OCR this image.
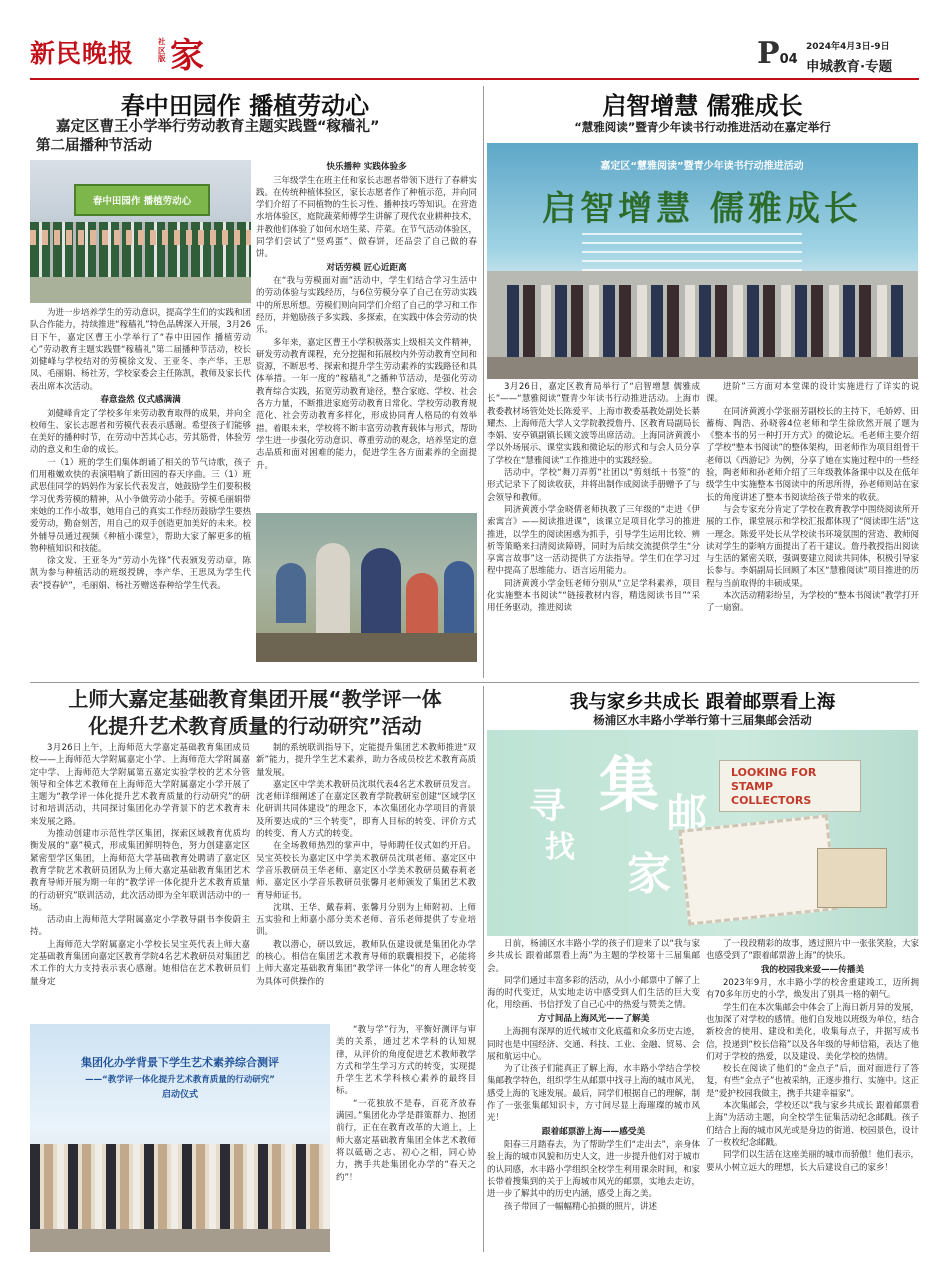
新民晚报	社区版 家	2024年4月3日-9日
P04 申城教育·专题
春中田园作 播植劳动心
嘉定区曹王小学举行劳动教育主题实践暨“稼穑礼”
第二届播种节活动
春中田园作 播植劳动心

为进一步培养学生的劳动意识，提高学生们的实践和团队合作能力，持续推进“稼穑礼”特色品牌深入开展，3月26日下午，嘉定区曹王小学举行了“春中田园作 播植劳动心”劳动教育主题实践暨“稼穑礼”第二届播种节活动，校长刘健峰与学校结对的劳模徐文发、王亚冬、李产华、王思凤、毛丽娟、杨社芳，学校家委会主任陈凯，教师及家长代表出席本次活动。

春意盎然 仪式感满满

刘健峰肯定了学校多年来劳动教育取得的成果，并向全校师生、家长志愿者和劳模代表表示感谢。希望孩子们能够在美好的播种时节，在劳动中苦其心志，劳其筋骨，体验劳动的意义和生命的成长。

一（1）班的学生们集体朗诵了相关的节气诗歌，孩子们用稚嫩欢快的表演唱响了新田园的春天序曲。三（1）班武思佳同学的妈妈作为家长代表发言，她鼓励学生们要积极学习优秀劳模的精神，从小争做劳动小能手。劳模毛丽娟带来她的工作小故事，她用自己的真实工作经历鼓励学生要热爱劳动，勤奋刻苦，用自己的双手创造更加美好的未来。校外辅导员通过视频《种植小课堂》，帮助大家了解更多的植物种植知识和技能。

徐文发、王亚冬为“劳动小先锋”代表颁发劳动章，陈凯为参与种植活动的班级授牌，李产华、王思凤为学生代表“授春铲”，毛丽娟、杨社芳赠送春种给学生代表。

快乐播种 实践体验多

三年级学生在班主任和家长志愿者带领下进行了春耕实践。在传统种植体验区，家长志愿者作了种植示范，并向同学们介绍了不同植物的生长习性、播种技巧等知识。在营造水培体验区，庭院蔬菜师傅学生讲解了现代农业耕种技术，并教他们体验了如何水培生菜、芹菜。在节气活动体验区，同学们尝试了“竖鸡蛋”、做春饼，还品尝了自己做的春饼。

对话劳模 匠心近距离

在“我与劳模面对面”活动中，学生们结合学习生活中的劳动体验与实践经历，与6位劳模分享了自己在劳动实践中的所思所想。劳模们则向同学们介绍了自己的学习和工作经历，并勉励孩子多实践、多探索，在实践中体会劳动的快乐。

多年来，嘉定区曹王小学积极落实上级相关文件精神，研发劳动教育课程，充分挖掘和拓展校内外劳动教育空间和资源，不断思考、探索和提升学生劳动素养的实践路径和具体举措。一年一度的“稼穑礼”之播种节活动，是强化劳动教育综合实践，拓宽劳动教育途径，整合家庭、学校、社会各方力量，不断推进家庭劳动教育日常化、学校劳动教育规范化、社会劳动教育多样化，形成协同育人格局的有效举措。着眼未来，学校将不断丰富劳动教育载体与形式，帮助学生进一步强化劳动意识、尊重劳动的观念，培养坚定的意志品质和面对困难的能力，促进学生各方面素养的全面提升。

启智增慧 儒雅成长
“慧雅阅读”暨青少年读书行动推进活动在嘉定举行
嘉定区“慧雅阅读”暨青少年读书行动推进活动
启智增慧 儒雅成长

3月26日，嘉定区教育局举行了“启智增慧 儒雅成长”——“慧雅阅读”暨青少年读书行动推进活动。上海市教委教材场管处处长陈爱平、上海市教委基教处副处长綦耀杰、上海师范大学人文学院教授詹丹、区教育局副局长李娟、安亭镇副镇长顾文波等出席活动。上海同济黄渡小学以外场展示、课堂实践和微论坛的形式和与会人员分享了学校在“慧雅阅读”工作推进中的实践经验。

活动中，学校“舞刀弄剪”社团以“剪刻纸＋书签”的形式记录下了阅读收获，并将出制作成阅读手册赠予了与会领导和教师。

同济黄渡小学金晓倩老师执教了三年级的“走进《伊索寓言》——阅读推进课”，该课立足项目化学习的推进推进，以学生的阅读困惑为抓手，引导学生运用比较、辨析等策略来扫清阅读障碍，同时为后续交流提供学生“分享寓言故事”这一活动提供了方法指导。学生们在学习过程中提高了思维能力、语言运用能力。

同济黄渡小学金钰老师分别从“立足学科素养，项目化实施整本书阅读”“链接教材内容，精选阅读书目”“采用任务驱动，推进阅读

进阶”三方面对本堂课的设计实施进行了详实的说课。

在同济黄渡小学张丽芳副校长的主持下，毛娇婷、田蓄梅、陶浩、孙晓蓉4位老师和学生徐欣然开展了题为《整本书的另一种打开方式》的微论坛。毛老师主要介绍了学校“整本书阅读”的整体架构，田老师作为项目组骨干老师以《西游记》为例，分享了她在实施过程中的一些经验，陶老师和孙老师介绍了三年级教体备课中以及在低年级学生中实施整本书阅读中的所思所得，孙老师则站在家长的角度讲述了整本书阅读给孩子带来的收获。

与会专家充分肯定了学校在教育教学中围绕阅读所开展的工作，课堂展示和学校汇报都体现了“阅读即生活”这一理念。陈爱平处长从学校读书环境氛围的营造、教师阅读对学生的影响方面提出了若干建议。詹丹教授指出阅读与生活的紧密关联，强调要建立阅读共同体，积极引导家长参与。李娟副局长回顾了本区“慧雅阅读”项目推进的历程与当前取得的丰硕成果。

本次活动精彩纷呈，为学校的“整本书阅读”教学打开了一扇窗。

上师大嘉定基础教育集团开展“教学评一体
化提升艺术教育质量的行动研究”活动

3月26日上午，上海师范大学嘉定基础教育集团成员校——上海师范大学附属嘉定小学、上海师范大学附属嘉定中学、上海师范大学附属第五嘉定实验学校的艺术分管领导和全体艺术教师在上海师范大学附属嘉定小学开展了主题为“教学评一体化提升艺术教育质量的行动研究”的研讨和培训活动，共同探讨集团化办学背景下的艺术教育未来发展之路。

为推动创建市示范性学区集团，探索区域教育优质均衡发展的“嘉”模式，形成集团鲜明特色，努力创建嘉定区紧密型学区集团，上海师范大学基础教育处聘请了嘉定区教育学院艺术教研员团队为上师大嘉定基础教育集团艺术教育导师开展为期一年的“教学评一体化提升艺术教育质量的行动研究”联训活动，此次活动即为全年联训活动中的一场。

活动由上海师范大学附属嘉定小学教导副书李俊蔚主持。

上海师范大学附属嘉定小学校长吴宝英代表上师大嘉定基础教育集团向嘉定区教育学院4名艺术教研员对集团艺术工作的大力支持表示衷心感谢。她相信在艺术教研员们量身定

制的系统联训指导下，定能提升集团艺术教师推进“双新”能力，提升学生艺术素养，助力各成员校艺术教育高质量发展。

嘉定区中学美术教研员沈琪代表4名艺术教研员发言。沈老师详细阐述了在嘉定区教育学院教研室创建“区域学区化研训共同体建设”的理念下，本次集团化办学项目的背景及所要达成的“三个转变”，即育人目标的转变、评价方式的转变、育人方式的转变。

在全场教师热烈的掌声中，导师聘任仪式如约开启。吴宝英校长为嘉定区中学美术教研员沈琪老师、嘉定区中学音乐教研员王华老师、嘉定区小学美术教研员戴春莉老师、嘉定区小学音乐教研员张馨月老师颁发了集团艺术教育导师证书。

沈琪、王华、戴春莉、张馨月分别为上师附初、上师五实验和上师嘉小部分美术老师、音乐老师提供了专业培训。

教以潜心，研以致远，教师队伍建设就是集团化办学的核心。相信在集团艺术教育导师的联囊相授下，必能将上师大嘉定基础教育集团“教学评一体化”的育人理念转变为具体可供操作的

集团化办学背景下学生艺术素养综合测评
——“教学评一体化提升艺术教育质量的行动研究”
启动仪式

“教与学”行为，平衡好测评与审美的关系，通过艺术学科的认知规律，从评价的角度促进艺术教师教学方式和学生学习方式的转变，实现提升学生艺术学科核心素养的最终目标。

“一花独放不是春，百花齐放春满园。”集团化办学是群策群力、抱团前行，正在在教育改革的大道上，上师大嘉定基础教育集团全体艺术教师将以砥砺之志、初心之相，同心协力，携手共赴集团化办学的“春天之约”！

我与家乡共成长 跟着邮票看上海
杨浦区水丰路小学举行第十三届集邮会活动
寻
找
集 邮
家
LOOKING FOR STAMP COLLECTORS

日前，杨浦区水丰路小学的孩子们迎来了以“我与家乡共成长 跟着邮票看上海”为主题的学校第十三届集邮会。

同学们通过丰富多彩的活动，从小小邮票中了解了上海的时代变迁，从实地走访中感受到人们生活的巨大变化，用绘画、书信抒发了自己心中的热爱与赞美之情。

方寸间品上海风光——了解美

上海拥有深厚的近代城市文化底蕴和众多历史古迹，同时也是中国经济、交通、科技、工业、金融、贸易、会展和航运中心。

为了让孩子们能真正了解上海，水丰路小学结合学校集邮教学特色，组织学生从邮票中找寻上海的城市风光，感受上海的飞速发展。最后，同学们根据自己的理解，制作了一张张集邮知识卡，方寸间尽显上海璀璨的城市风光！

跟着邮票游上海——感受美

阳春三月踏春去，为了帮助学生们“走出去”，亲身体验上海的城市风貌和历史人文，进一步提升他们对于城市的认同感，水丰路小学组织全校学生利用课余时间，和家长带着搜集到的关于上海城市风光的邮票，实地去走访，进一步了解其中的历史内涵，感受上海之美。

孩子带回了一幅幅精心拍摄的照片，讲述

了一段段精彩的故事，透过照片中一张张笑脸，大家也感受到了“跟着邮票游上海”的快乐。

我的校园我来爱——传播美

2023年9月，水丰路小学的校舍重建竣工，迈所拥有70多年历史的小学，焕发出了别具一格的朝气。

学生们在本次集邮会中体会了上海日新月异的发展，也加深了对学校的感情。他们自发地以班级为单位，结合新校舍的使用、建设和美化，收集每点子，并据写成书信，投递到“校长信箱”以及各年级的导师信箱，表达了他们对于学校的热爱，以及建设、美化学校的热情。

校长在阅读了他们的“金点子”后，面对面进行了答复，有些“金点子”也被采纳，正逐步推行、实施中。这正是“爱护校园我做主，携手共建幸福家”。

本次集邮会，学校还以“我与家乡共成长 跟着邮票看上海”为活动主题，向全校学生征集活动纪念邮戳。孩子们结合上海的城市风光或是身边的街道、校园景色，设计了一枚枚纪念邮戳。

同学们以生活在这座美丽的城市而骄傲！他们表示，要从小树立远大的理想，长大后建设自己的家乡！
